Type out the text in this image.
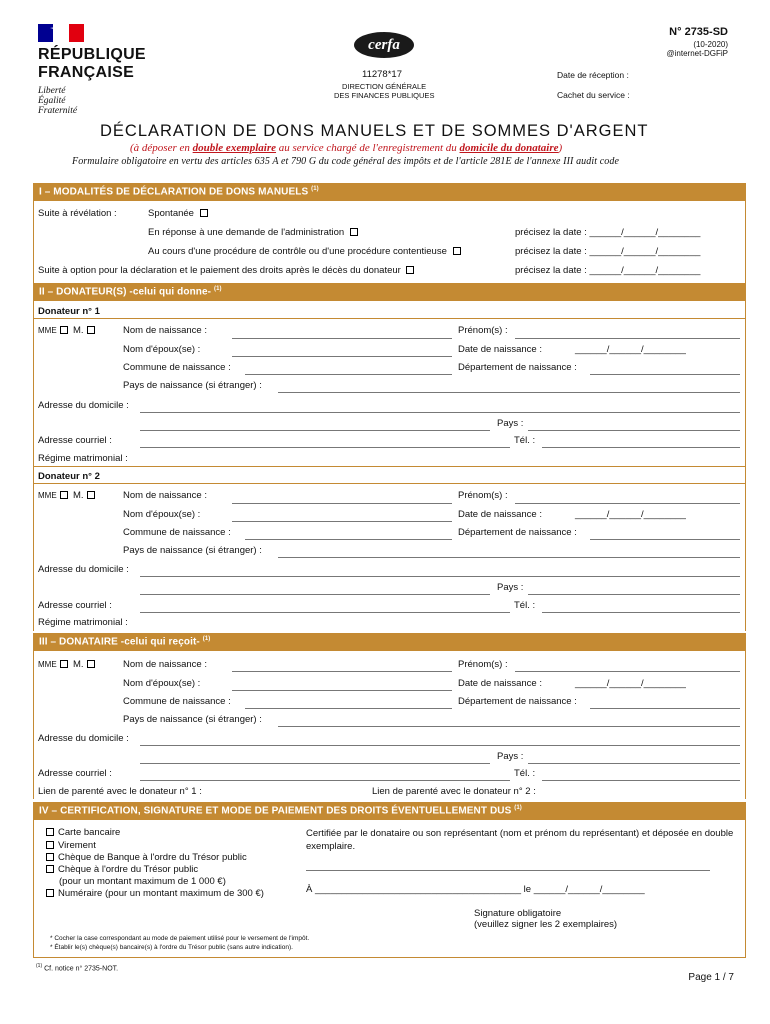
RÉPUBLIQUE
FRANÇAISE
Liberté
Égalité
Fraternité
cerfa
11278*17
DIRECTION GÉNÉRALE
DES FINANCES PUBLIQUES
N° 2735-SD
(10-2020)
@internet-DGFiP
Date de réception :
Cachet du service :
DÉCLARATION DE DONS MANUELS ET DE SOMMES D'ARGENT
(à déposer en double exemplaire au service chargé de l'enregistrement du domicile du donataire)
Formulaire obligatoire en vertu des articles 635 A et 790 G du code général des impôts et de l'article 281E de l'annexe III audit code
I – MODALITÉS DE DÉCLARATION DE DONS MANUELS $^{(1)}$
Suite à révélation :	Spontanée
En réponse à une demande de l'administration	précisez la date : ______/______/________
Au cours d'une procédure de contrôle ou d'une procédure contentieuse	précisez la date : ______/______/________
Suite à option pour la déclaration et le paiement des droits après le décès du donateur	précisez la date : ______/______/________
II – DONATEUR(S) -celui qui donne- $^{(1)}$
Donateur n° 1
MME M.	Nom de naissance :	Prénom(s) :
Nom d'époux(se) :	Date de naissance :	______/______/________
Commune de naissance :	Département de naissance :
Pays de naissance (si étranger) :
Adresse du domicile :
Pays :
Adresse courriel :	Tél. :
Régime matrimonial :
Donateur n° 2
MME M.	Nom de naissance :	Prénom(s) :
Nom d'époux(se) :	Date de naissance :	______/______/________
Commune de naissance :	Département de naissance :
Pays de naissance (si étranger) :
Adresse du domicile :
Pays :
Adresse courriel :	Tél. :
Régime matrimonial :
III – DONATAIRE -celui qui reçoit- $^{(1)}$
MME M.	Nom de naissance :	Prénom(s) :
Nom d'époux(se) :	Date de naissance :	______/______/________
Commune de naissance :	Département de naissance :
Pays de naissance (si étranger) :
Adresse du domicile :
Pays :
Adresse courriel :	Tél. :
Lien de parenté avec le donateur n° 1 :	Lien de parenté avec le donateur n° 2 :
IV – CERTIFICATION, SIGNATURE ET MODE DE PAIEMENT DES DROITS ÉVENTUELLEMENT DUS $^{(1)}$
Carte bancaire
Virement
Chèque de Banque à l'ordre du Trésor public
Chèque à l'ordre du Trésor public
(pour un montant maximum de 1 000 €)
Numéraire (pour un montant maximum de 300 €)
Certifiée par le donataire ou son représentant (nom et prénom du représentant) et déposée en double exemplaire.
À _______________________________________ le ______/______/________
Signature obligatoire
(veuillez signer les 2 exemplaires)
* Cocher la case correspondant au mode de paiement utilisé pour le versement de l'impôt.
* Établir le(s) chèque(s) bancaire(s) à l'ordre du Trésor public (sans autre indication).
$^{(1)}$ Cf. notice n° 2735-NOT.
Page 1 / 7
